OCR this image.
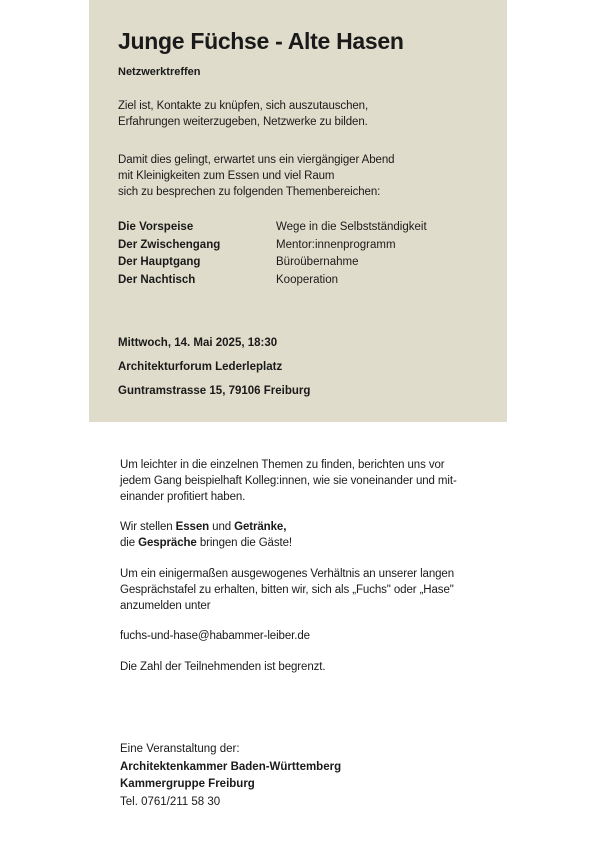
Junge Füchse - Alte Hasen
Netzwerktreffen
Ziel ist, Kontakte zu knüpfen, sich auszutauschen,
Erfahrungen weiterzugeben, Netzwerke zu bilden.
Damit dies gelingt, erwartet uns ein viergängiger Abend
mit Kleinigkeiten zum Essen und viel Raum
sich zu besprechen zu folgenden Themenbereichen:
Die Vorspeise
Der Zwischengang
Der Hauptgang
Der Nachtisch
Wege in die Selbstständigkeit
Mentor:innenprogramm
Büroübernahme
Kooperation
Mittwoch, 14. Mai 2025, 18:30
Architekturforum Lederleplatz
Guntramstrasse 15, 79106 Freiburg
Um leichter in die einzelnen Themen zu finden, berichten uns vor
jedem Gang beispielhaft Kolleg:innen, wie sie voneinander und mit-
einander profitiert haben.
Wir stellen Essen und Getränke,
die Gespräche bringen die Gäste!
Um ein einigermaßen ausgewogenes Verhältnis an unserer langen
Gesprächstafel zu erhalten, bitten wir, sich als „Fuchs" oder „Hase"
anzumelden unter
fuchs-und-hase@habammer-leiber.de
Die Zahl der Teilnehmenden ist begrenzt.
Eine Veranstaltung der:
Architektenkammer Baden-Württemberg
Kammergruppe Freiburg
Tel. 0761/211 58 30
